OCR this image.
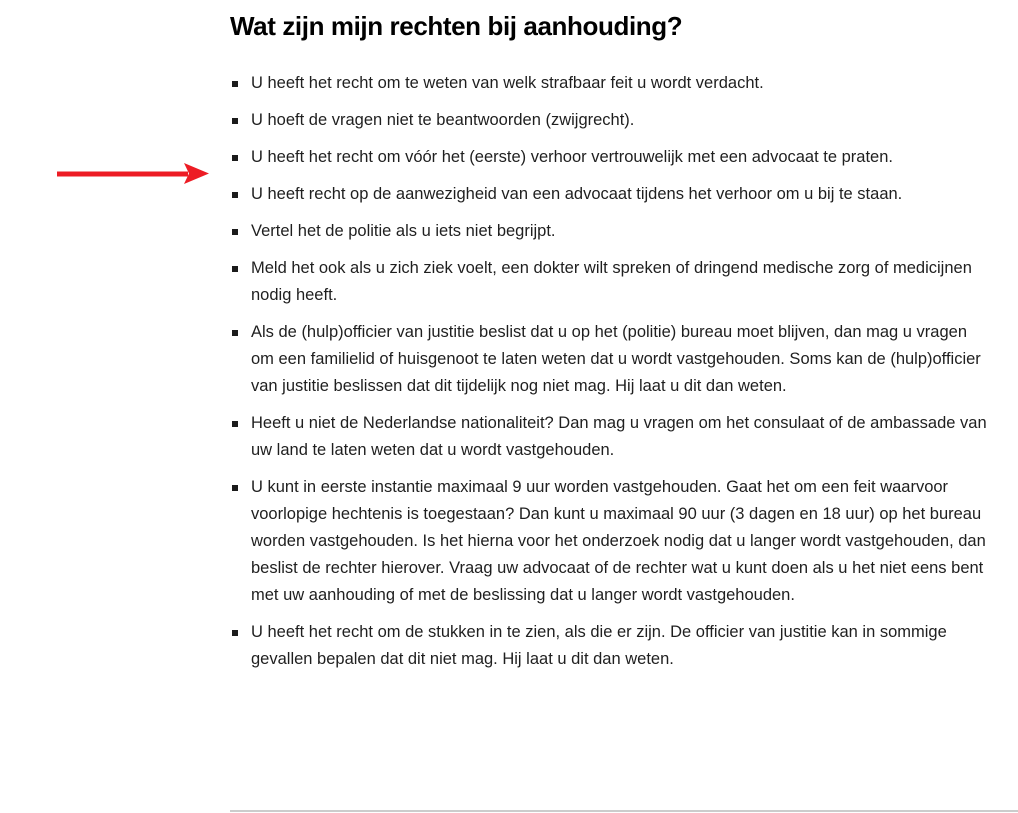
Wat zijn mijn rechten bij aanhouding?
U heeft het recht om te weten van welk strafbaar feit u wordt verdacht.
U hoeft de vragen niet te beantwoorden (zwijgrecht).
U heeft het recht om vóór het (eerste) verhoor vertrouwelijk met een advocaat te praten.
U heeft recht op de aanwezigheid van een advocaat tijdens het verhoor om u bij te staan.
Vertel het de politie als u iets niet begrijpt.
Meld het ook als u zich ziek voelt, een dokter wilt spreken of dringend medische zorg of medicijnen nodig heeft.
Als de (hulp)officier van justitie beslist dat u op het (politie) bureau moet blijven, dan mag u vragen om een familielid of huisgenoot te laten weten dat u wordt vastgehouden. Soms kan de (hulp)officier van justitie beslissen dat dit tijdelijk nog niet mag. Hij laat u dit dan weten.
Heeft u niet de Nederlandse nationaliteit? Dan mag u vragen om het consulaat of de ambassade van uw land te laten weten dat u wordt vastgehouden.
U kunt in eerste instantie maximaal 9 uur worden vastgehouden. Gaat het om een feit waarvoor voorlopige hechtenis is toegestaan? Dan kunt u maximaal 90 uur (3 dagen en 18 uur) op het bureau worden vastgehouden. Is het hierna voor het onderzoek nodig dat u langer wordt vastgehouden, dan beslist de rechter hierover. Vraag uw advocaat of de rechter wat u kunt doen als u het niet eens bent met uw aanhouding of met de beslissing dat u langer wordt vastgehouden.
U heeft het recht om de stukken in te zien, als die er zijn. De officier van justitie kan in sommige gevallen bepalen dat dit niet mag. Hij laat u dit dan weten.
